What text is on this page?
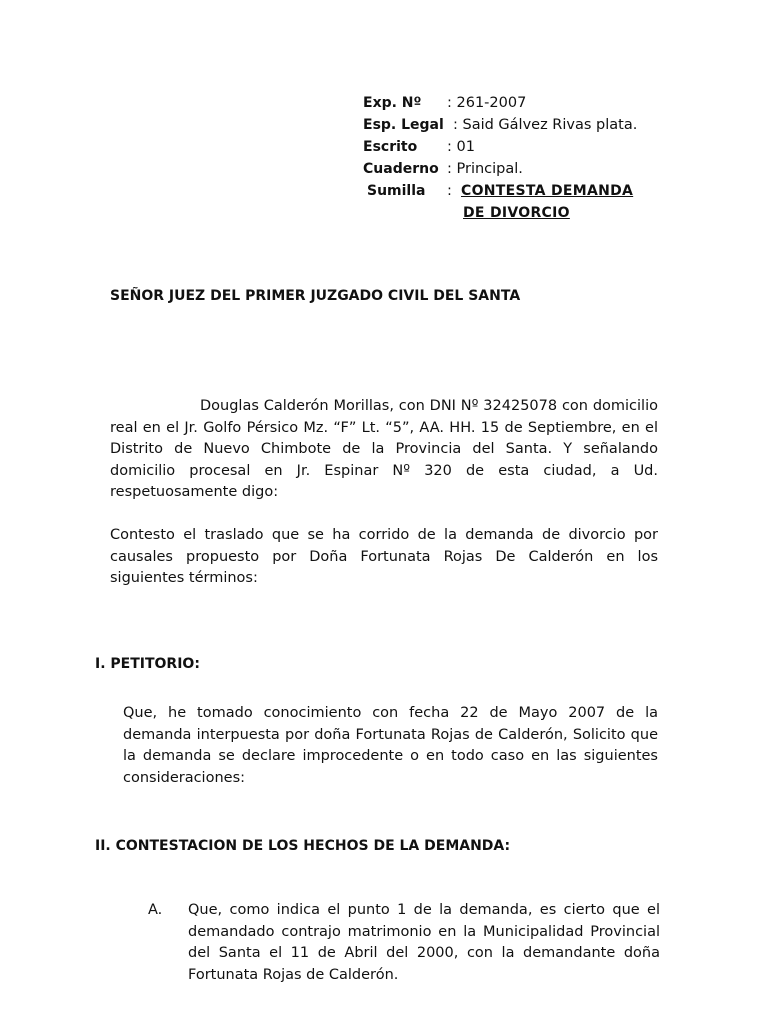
Exp. Nº	: 261-2007
Esp. Legal : Said Gálvez Rivas plata.
Escrito	: 01
Cuaderno : Principal.
Sumilla	: CONTESTA DEMANDA
DE DIVORCIO
SEÑOR JUEZ DEL PRIMER JUZGADO CIVIL DEL SANTA
Douglas Calderón Morillas, con DNI Nº 32425078 con domicilio real en el Jr. Golfo Pérsico Mz. “F” Lt. “5”, AA. HH. 15 de Septiembre, en el Distrito de Nuevo Chimbote de la Provincia del Santa. Y señalando domicilio procesal en Jr. Espinar Nº 320 de esta ciudad, a Ud. respetuosamente digo:
Contesto el traslado que se ha corrido de la demanda de divorcio por causales propuesto por Doña Fortunata Rojas De Calderón en los siguientes términos:
I. PETITORIO:
Que, he tomado conocimiento con fecha 22 de Mayo 2007 de la demanda interpuesta por doña Fortunata Rojas de Calderón, Solicito que la demanda se declare improcedente o en todo caso en las siguientes consideraciones:
II. CONTESTACION DE LOS HECHOS DE LA DEMANDA:
A.	Que, como indica el punto 1 de la demanda, es cierto que el demandado contrajo matrimonio en la Municipalidad Provincial del Santa el 11 de Abril del 2000, con la demandante doña Fortunata Rojas de Calderón.
